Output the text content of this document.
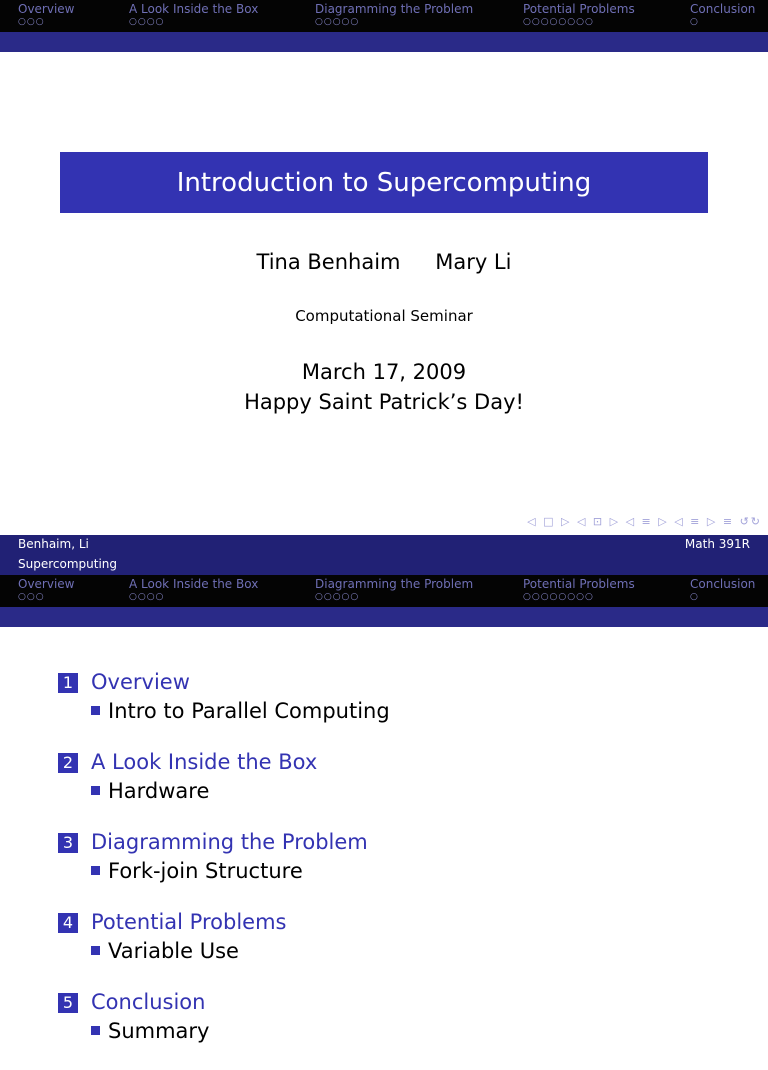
Overview
○○○
A Look Inside the Box
○○○○
Diagramming the Problem
○○○○○
Potential Problems
○○○○○○○○
Conclusion
○
Introduction to Supercomputing
Tina Benhaim Mary Li
Computational Seminar
March 17, 2009
Happy Saint Patrick’s Day!
◁ □ ▷ ◁ ⊡ ▷ ◁ ≡ ▷ ◁ ≡ ▷ ≡ ↺↻
Benhaim, Li	Math 391R
Supercomputing
Overview
○○○
A Look Inside the Box
○○○○
Diagramming the Problem
○○○○○
Potential Problems
○○○○○○○○
Conclusion
○
1 Overview
Intro to Parallel Computing
2 A Look Inside the Box
Hardware
3 Diagramming the Problem
Fork-join Structure
4 Potential Problems
Variable Use
5 Conclusion
Summary
